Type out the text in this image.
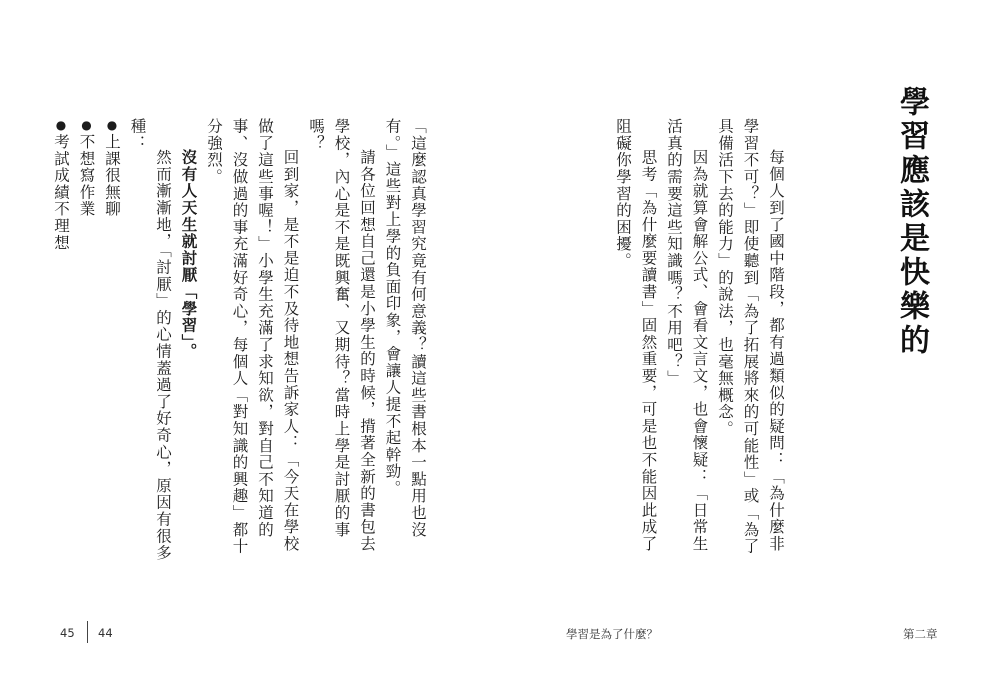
學習應該是快樂的

每個人到了國中階段，都有過類似的疑問：「為什麼非學習不可？」即使聽到「為了拓展將來的可能性」或「為了具備活下去的能力」的說法，也毫無概念。

因為就算會解公式、會看文言文，也會懷疑：「日常生活真的需要這些知識嗎？不用吧？」

思考「為什麼要讀書」固然重要，可是也不能因此成了阻礙你學習的困擾。

「這麼認真學習究竟有何意義？讀這些書根本一點用也沒有。」這些對上學的負面印象，會讓人提不起幹勁。

請各位回想自己還是小學生的時候，揹著全新的書包去學校，內心是不是既興奮、又期待？當時上學是討厭的事嗎？

回到家，是不是迫不及待地想告訴家人：「今天在學校做了這些事喔！」小學生充滿了求知欲，對自己不知道的事、沒做過的事充滿好奇心，每個人「對知識的興趣」都十分強烈。

沒有人天生就討厭「學習」。

然而漸漸地，「討厭」的心情蓋過了好奇心，原因有很多種：

●上課很無聊
●不想寫作業
●考試成績不理想
45 44	學習是為了什麼？	第二章
